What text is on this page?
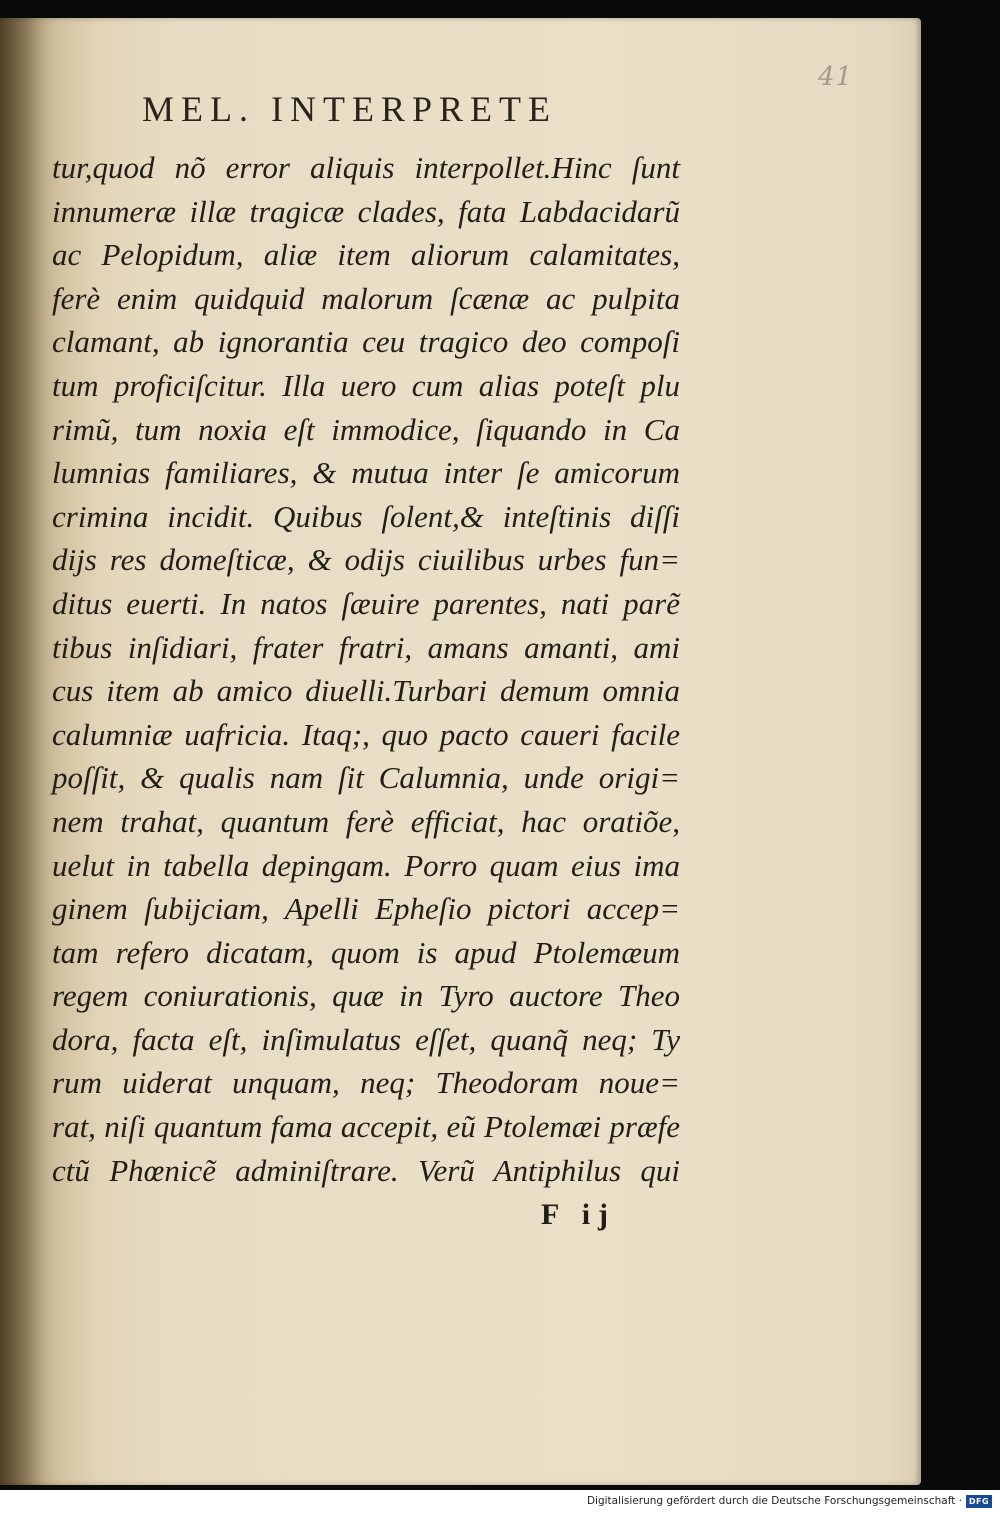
41
MEL. INTERPRETE
tur,quod nõ error aliquis interpollet.Hinc ſunt
innumeræ illæ tragicæ clades, fata Labdacidarũ
ac Pelopidum, aliæ item aliorum calamitates,
ferè enim quidquid malorum ſcænæ ac pulpita
clamant, ab ignorantia ceu tragico deo compoſi
tum proficiſcitur. Illa uero cum alias poteſt plu
rimũ, tum noxia eſt immodice, ſiquando in Ca
lumnias familiares, & mutua inter ſe amicorum
crimina incidit. Quibus ſolent,& inteſtinis diſſi
dijs res domeſticæ, & odijs ciuilibus urbes fun=
ditus euerti. In natos ſæuire parentes, nati parẽ
tibus inſidiari, frater fratri, amans amanti, ami
cus item ab amico diuelli.Turbari demum omnia
calumniæ uafricia. Itaq;, quo pacto caueri facile
poſſit, & qualis nam ſit Calumnia, unde origi=
nem trahat, quantum ferè efficiat, hac oratiõe,
uelut in tabella depingam. Porro quam eius ima
ginem ſubijciam, Apelli Epheſio pictori accep=
tam refero dicatam, quom is apud Ptolemæum
regem coniurationis, quæ in Tyro auctore Theo
dora, facta eſt, inſimulatus eſſet, quanq̃ neq; Ty
rum uiderat unquam, neq; Theodoram noue=
rat, niſi quantum fama accepit, eũ Ptolemæi præfe
ctũ Phœnicẽ adminiſtrare. Verũ Antiphilus qui
F ij
Digitalisierung gefördert durch die Deutsche Forschungsgemeinschaft · DFG
